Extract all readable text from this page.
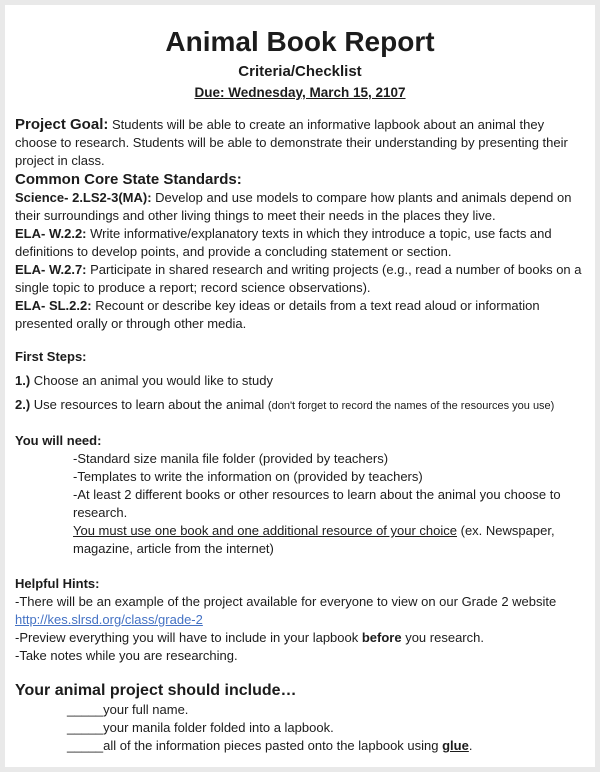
Animal Book Report
Criteria/Checklist
Due: Wednesday, March 15, 2107

Project Goal: Students will be able to create an informative lapbook about an animal they choose to research. Students will be able to demonstrate their understanding by presenting their project in class.

Common Core State Standards:

Science- 2.LS2-3(MA): Develop and use models to compare how plants and animals depend on their surroundings and other living things to meet their needs in the places they live.

ELA- W.2.2: Write informative/explanatory texts in which they introduce a topic, use facts and definitions to develop points, and provide a concluding statement or section.

ELA- W.2.7: Participate in shared research and writing projects (e.g., read a number of books on a single topic to produce a report; record science observations).

ELA- SL.2.2: Recount or describe key ideas or details from a text read aloud or information presented orally or through other media.

First Steps:

1.) Choose an animal you would like to study

2.) Use resources to learn about the animal (don't forget to record the names of the resources you use)

You will need:

-Standard size manila file folder (provided by teachers)

-Templates to write the information on (provided by teachers)

-At least 2 different books or other resources to learn about the animal you choose to research.

You must use one book and one additional resource of your choice (ex. Newspaper, magazine, article from the internet)

Helpful Hints:

-There will be an example of the project available for everyone to view on our Grade 2 website

http://kes.slrsd.org/class/grade-2

-Preview everything you will have to include in your lapbook before you research.

-Take notes while you are researching.

Your animal project should include…

_____your full name.

_____your manila folder folded into a lapbook.

_____all of the information pieces pasted onto the lapbook using glue.
